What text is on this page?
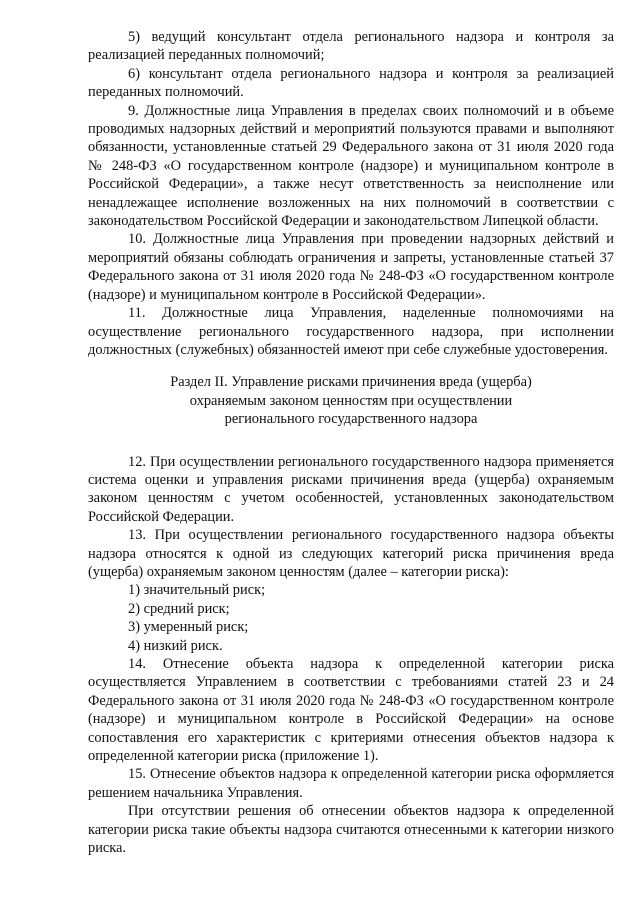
5) ведущий консультант отдела регионального надзора и контроля за реализацией переданных полномочий;

6) консультант отдела регионального надзора и контроля за реализацией переданных полномочий.

9. Должностные лица Управления в пределах своих полномочий и в объеме проводимых надзорных действий и мероприятий пользуются правами и выполняют обязанности, установленные статьей 29 Федерального закона от 31 июля 2020 года № 248-ФЗ «О государственном контроле (надзоре) и муниципальном контроле в Российской Федерации», а также несут ответственность за неисполнение или ненадлежащее исполнение возложенных на них полномочий в соответствии с законодательством Российской Федерации и законодательством Липецкой области.

10. Должностные лица Управления при проведении надзорных действий и мероприятий обязаны соблюдать ограничения и запреты, установленные статьей 37 Федерального закона от 31 июля 2020 года № 248-ФЗ «О государственном контроле (надзоре) и муниципальном контроле в Российской Федерации».

11. Должностные лица Управления, наделенные полномочиями на осуществление регионального государственного надзора, при исполнении должностных (служебных) обязанностей имеют при себе служебные удостоверения.

Раздел II. Управление рисками причинения вреда (ущерба)
охраняемым законом ценностям при осуществлении
регионального государственного надзора

12. При осуществлении регионального государственного надзора применяется система оценки и управления рисками причинения вреда (ущерба) охраняемым законом ценностям с учетом особенностей, установленных законодательством Российской Федерации.

13. При осуществлении регионального государственного надзора объекты надзора относятся к одной из следующих категорий риска причинения вреда (ущерба) охраняемым законом ценностям (далее – категории риска):

1) значительный риск;

2) средний риск;

3) умеренный риск;

4) низкий риск.

14. Отнесение объекта надзора к определенной категории риска осуществляется Управлением в соответствии с требованиями статей 23 и 24 Федерального закона от 31 июля 2020 года № 248-ФЗ «О государственном контроле (надзоре) и муниципальном контроле в Российской Федерации» на основе сопоставления его характеристик с критериями отнесения объектов надзора к определенной категории риска (приложение 1).

15. Отнесение объектов надзора к определенной категории риска оформляется решением начальника Управления.

При отсутствии решения об отнесении объектов надзора к определенной категории риска такие объекты надзора считаются отнесенными к категории низкого риска.
